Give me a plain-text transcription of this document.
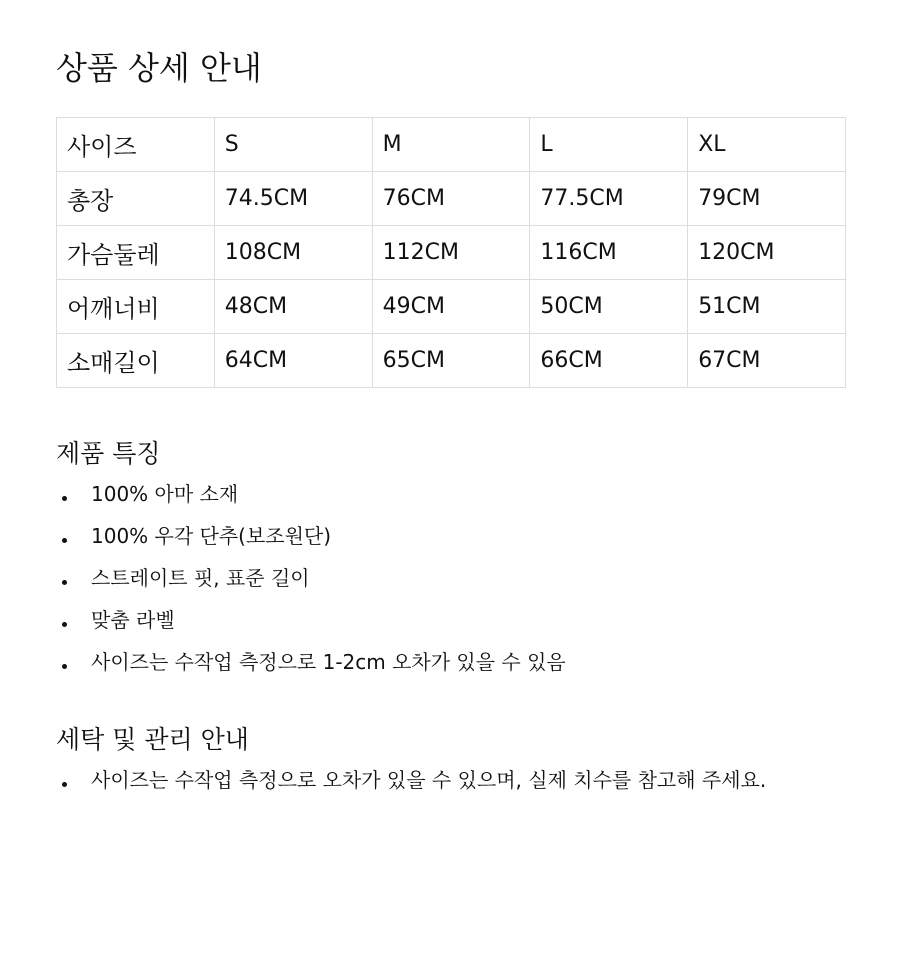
상품 상세 안내
사이즈	S	M	L	XL
총장	74.5CM	76CM	77.5CM	79CM
가슴둘레	108CM	112CM	116CM	120CM
어깨너비	48CM	49CM	50CM	51CM
소매길이	64CM	65CM	66CM	67CM
제품 특징
100% 아마 소재
100% 우각 단추(보조원단)
스트레이트 핏, 표준 길이
맞춤 라벨
사이즈는 수작업 측정으로 1-2cm 오차가 있을 수 있음
세탁 및 관리 안내
사이즈는 수작업 측정으로 오차가 있을 수 있으며, 실제 치수를 참고해 주세요.
